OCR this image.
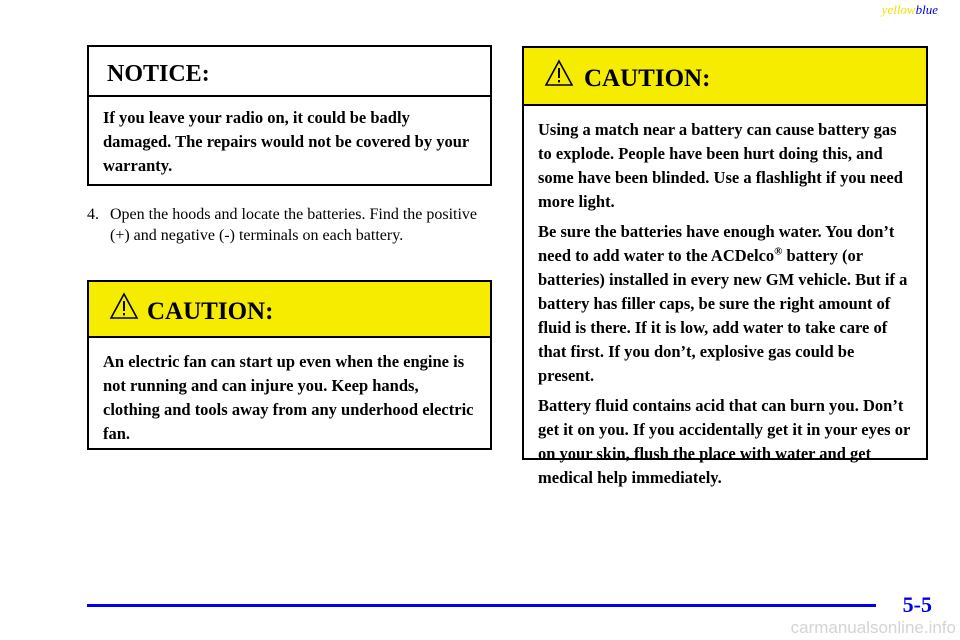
yellowblue
NOTICE:

If you leave your radio on, it could be badly damaged. The repairs would not be covered by your warranty.

4. Open the hoods and locate the batteries. Find the positive (+) and negative (-) terminals on each battery.
CAUTION:

An electric fan can start up even when the engine is not running and can injure you. Keep hands, clothing and tools away from any underhood electric fan.

CAUTION:

Using a match near a battery can cause battery gas to explode. People have been hurt doing this, and some have been blinded. Use a flashlight if you need more light.

Be sure the batteries have enough water. You don’t need to add water to the ACDelco® battery (or batteries) installed in every new GM vehicle. But if a battery has filler caps, be sure the right amount of fluid is there. If it is low, add water to take care of that first. If you don’t, explosive gas could be present.

Battery fluid contains acid that can burn you. Don’t get it on you. If you accidentally get it in your eyes or on your skin, flush the place with water and get medical help immediately.

5-5
carmanualsonline.info
